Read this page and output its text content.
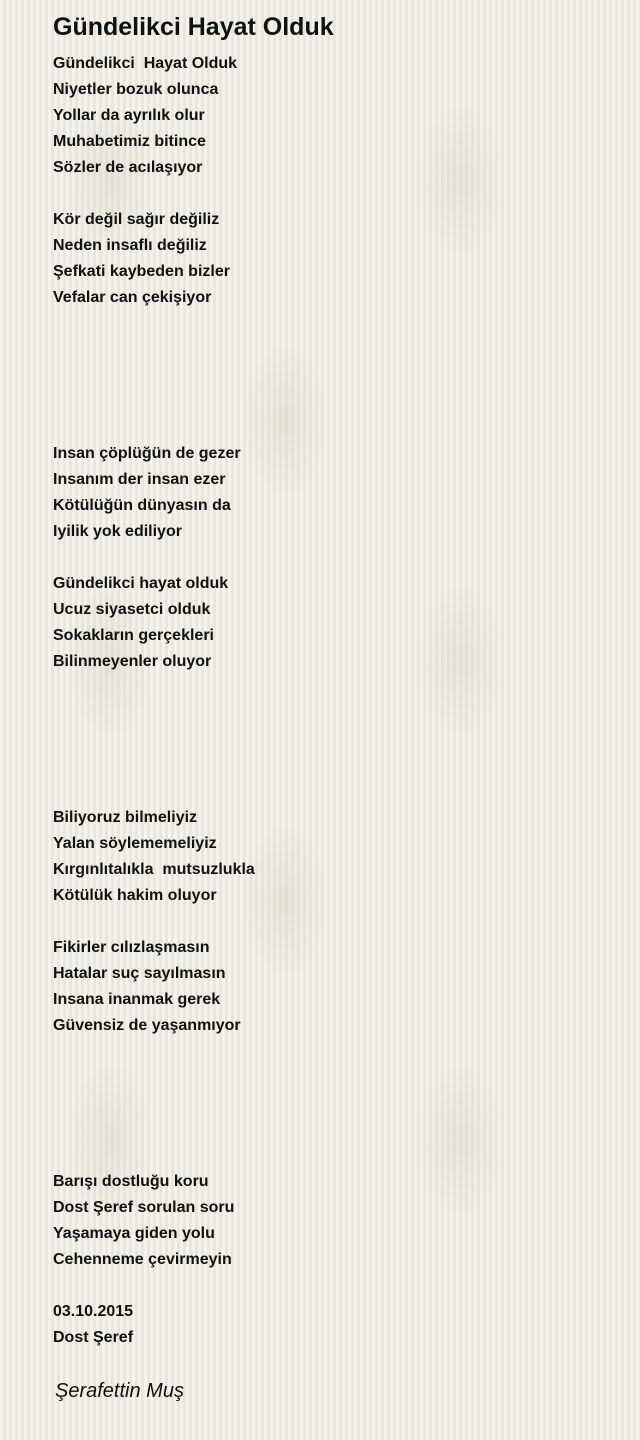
Gündelikci Hayat Olduk
Gündelikci  Hayat Olduk
Niyetler bozuk olunca
Yollar da ayrılık olur
Muhabetimiz bitince
Sözler de acılaşıyor

Kör değil sağır değiliz
Neden insaflı değiliz
Şefkati kaybeden bizler
Vefalar can çekişiyor

Insan çöplüğün de gezer
Insanım der insan ezer
Kötülüğün dünyasın da
Iyilik yok ediliyor

Gündelikci hayat olduk
Ucuz siyasetci olduk
Sokakların gerçekleri
Bilinmeyenler oluyor

Biliyoruz bilmeliyiz
Yalan söylememeliyiz
Kırgınlıtalıkla  mutsuzlukla
Kötülük hakim oluyor

Fikirler cılızlaşmasın
Hatalar suç sayılmasın
Insana inanmak gerek
Güvensiz de yaşanmıyor

Barışı dostluğu koru
Dost Şeref sorulan soru
Yaşamaya giden yolu
Cehenneme çevirmeyin

03.10.2015
Dost Şeref
Şerafettin Muş
